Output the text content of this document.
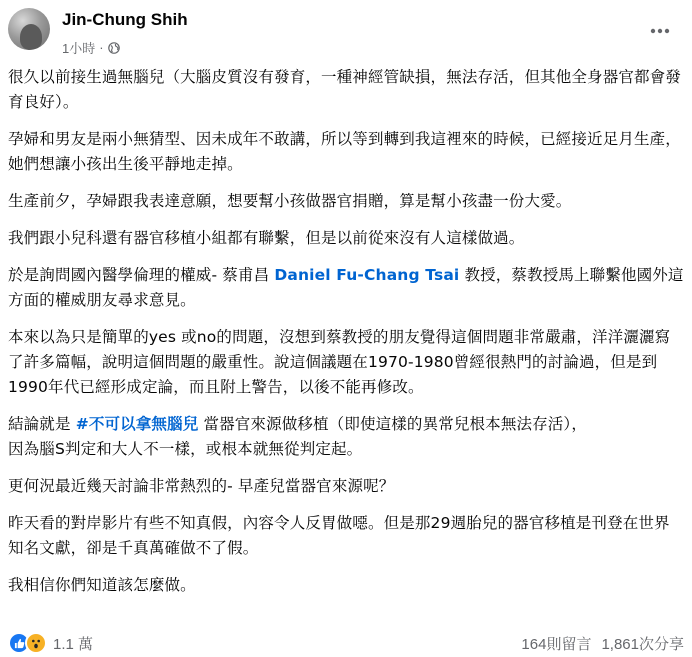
Jin-Chung Shih
1小時 ·

很久以前接生過無腦兒（大腦皮質沒有發育，一種神經管缺損，無法存活，但其他全身器官都會發育良好）。

孕婦和男友是兩小無猜型、因未成年不敢講，所以等到轉到我這裡來的時候，已經接近足月生產，她們想讓小孩出生後平靜地走掉。

生產前夕，孕婦跟我表達意願，想要幫小孩做器官捐贈，算是幫小孩盡一份大愛。

我們跟小兒科還有器官移植小組都有聯繫，但是以前從來沒有人這樣做過。

於是詢問國內醫學倫理的權威- 蔡甫昌 Daniel Fu-Chang Tsai 教授，蔡教授馬上聯繫他國外這方面的權威朋友尋求意見。

本來以為只是簡單的yes 或no的問題，沒想到蔡教授的朋友覺得這個問題非常嚴肅，洋洋灑灑寫了許多篇幅，說明這個問題的嚴重性。說這個議題在1970-1980曾經很熱門的討論過，但是到1990年代已經形成定論，而且附上警告，以後不能再修改。

結論就是 #不可以拿無腦兒 當器官來源做移植（即使這樣的異常兒根本無法存活），

因為腦S判定和大人不一樣，或根本就無從判定起。

更何況最近幾天討論非常熱烈的- 早產兒當器官來源呢？

昨天看的對岸影片有些不知真假，內容令人反胃做噁。但是那29週胎兒的器官移植是刊登在世界知名文獻，卻是千真萬確做不了假。

我相信你們知道該怎麼做。

1.1 萬	164則留言 1,861次分享
